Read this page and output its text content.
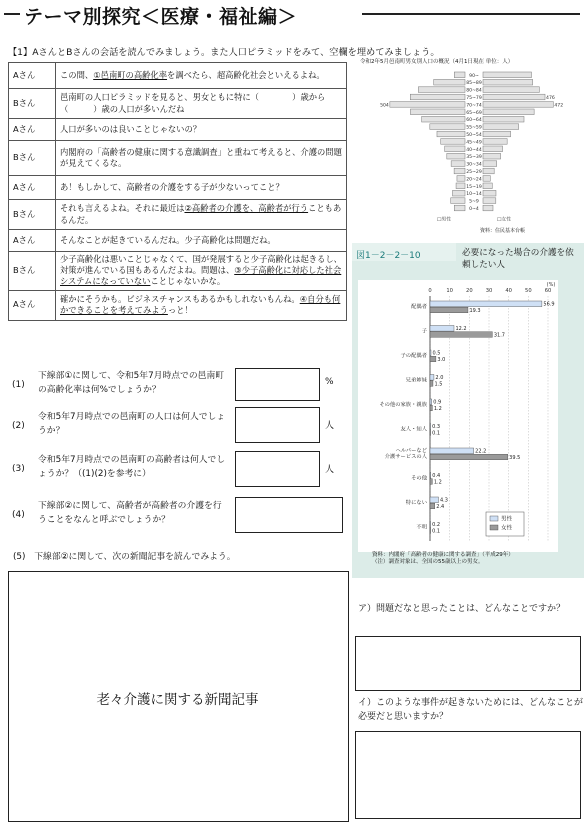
テーマ別探究＜医療・福祉編＞
【1】AさんとBさんの会話を読んでみましょう。また人口ピラミッドをみて、空欄を埋めてみましょう。
Aさん	この間、①邑南町の高齢化率を調べたら、超高齢化社会といえるよね。
Bさん	邑南町の人口ピラミッドを見ると、男女ともに特に（　　　　）歳から（　　　）歳の人口が多いんだね
Aさん	人口が多いのは良いことじゃないの？
Bさん	内閣府の「高齢者の健康に関する意識調査」と重ねて考えると、介護の問題が見えてくるな。
Aさん	あ！もしかして、高齢者の介護をする子が少ないってこと？
Bさん	それも言えるよね。それに最近は②高齢者の介護を、高齢者が行うこともあるんだ。
Aさん	そんなことが起きているんだね。少子高齢化は問題だね。
Bさん	少子高齢化は悪いことじゃなくて、国が発展すると少子高齢化は起きるし、対策が進んでいる国もあるんだよね。問題は、③少子高齢化に対応した社会システムになっていないことじゃないかな。
Aさん	確かにそうかも。ビジネスチャンスもあるかもしれないもんね。④自分も何かできることを考えてみようっと！
令和2年5月邑南町男女別人口の概況（4月1日現在 単位：人）
90~
85~89
80~84
75~79	476
70~74
504	472
65~69
60~64
55~59
50~54
45~49
40~44
35~39
30~34
25~29
20~24
15~19
10~14
5~9
0~4
□男性	□女性
資料：住民基本台帳
図1－2－2－10	必要になった場合の介護を依頼したい人
0	10	20	30	40	50	60
(%)
配偶者	56.9
19.3
子	12.2
31.7
子の配偶者 0.5
3.0
兄弟姉妹 2.0
1.5
その他の家族・親族 0.9
1.2
友人・知人 0.3
0.1
ヘルパーなど
介護サービスの人
22.2
39.5
その他 0.4
1.2
特にない	4.3
2.4
不明 0.2
0.1
男性
女性
資料：内閣府「高齢者の健康に関する調査」（平成29年）
（注）調査対象は、全国の55歳以上の男女。
(1)
下線部①に関して、令和5年7月時点での邑南町の高齢化率は何%でしょうか？
%
(2)
令和5年7月時点での邑南町の人口は何人でしょうか？
人
(3)
令和5年7月時点での邑南町の高齢者は何人でしょうか？（(1)(2)を参考に）	人
(4)
下線部②に関して、高齢者が高齢者の介護を行うことをなんと呼ぶでしょうか？
(5)　下線部②に関して、次の新聞記事を読んでみよう。
老々介護に関する新聞記事
ア）問題だなと思ったことは、どんなことですか？
イ）このような事件が起きないためには、どんなことが必要だと思いますか？
